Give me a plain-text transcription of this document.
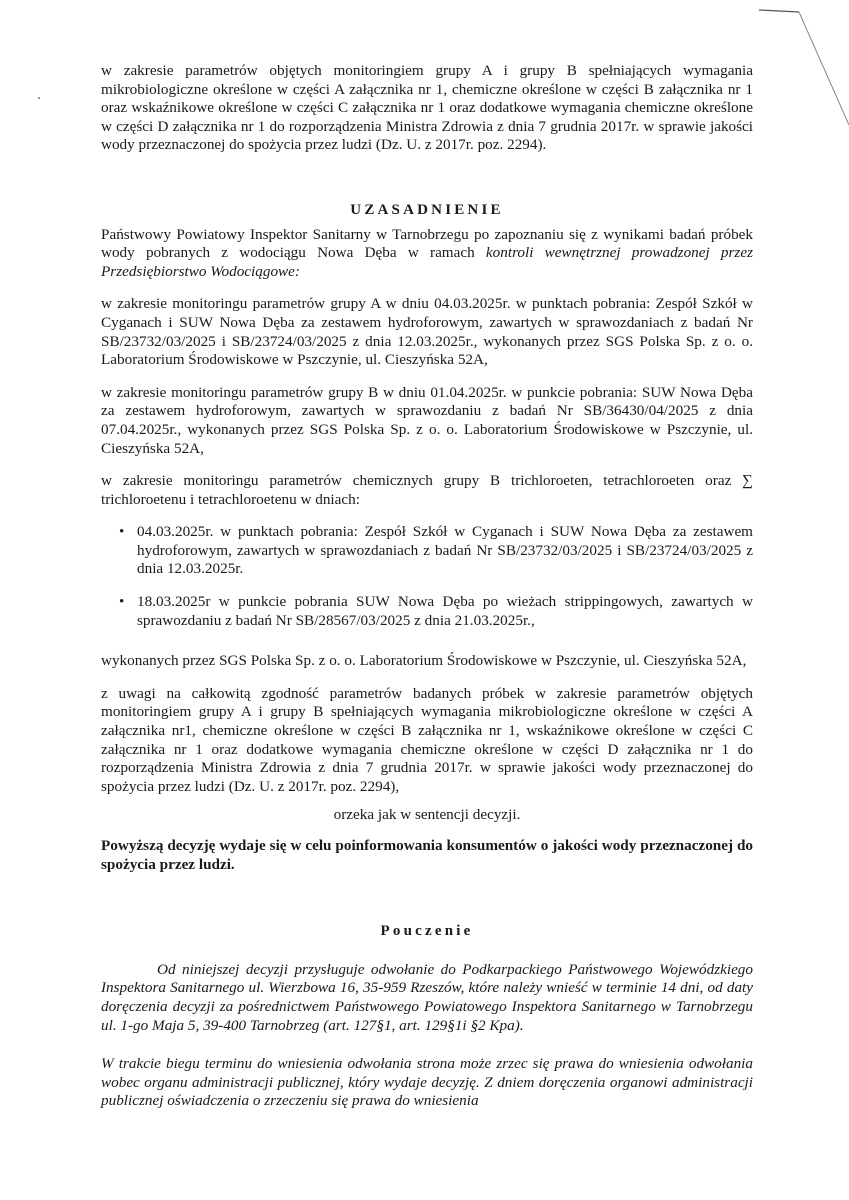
w zakresie parametrów objętych monitoringiem grupy A i grupy B spełniających wymagania mikrobiologiczne określone w części A załącznika nr 1, chemiczne określone w części B załącznika nr 1 oraz wskaźnikowe określone w części C załącznika nr 1 oraz dodatkowe wymagania chemiczne określone w części D załącznika nr 1 do rozporządzenia Ministra Zdrowia z dnia 7 grudnia 2017r. w sprawie jakości wody przeznaczonej do spożycia przez ludzi (Dz. U. z 2017r. poz. 2294).

UZASADNIENIE

Państwowy Powiatowy Inspektor Sanitarny w Tarnobrzegu po zapoznaniu się z wynikami badań próbek wody pobranych z wodociągu Nowa Dęba w ramach kontroli wewnętrznej prowadzonej przez Przedsiębiorstwo Wodociągowe:

w zakresie monitoringu parametrów grupy A w dniu 04.03.2025r. w punktach pobrania: Zespół Szkół w Cyganach i SUW Nowa Dęba za zestawem hydroforowym, zawartych w sprawozdaniach z badań Nr SB/23732/03/2025 i SB/23724/03/2025 z dnia 12.03.2025r., wykonanych przez SGS Polska Sp. z o. o. Laboratorium Środowiskowe w Pszczynie, ul. Cieszyńska 52A,

w zakresie monitoringu parametrów grupy B w dniu 01.04.2025r. w punkcie pobrania: SUW Nowa Dęba za zestawem hydroforowym, zawartych w sprawozdaniu z badań Nr SB/36430/04/2025 z dnia 07.04.2025r., wykonanych przez SGS Polska Sp. z o. o. Laboratorium Środowiskowe w Pszczynie, ul. Cieszyńska 52A,

w zakresie monitoringu parametrów chemicznych grupy B trichloroeten, tetrachloroeten oraz ∑ trichloroetenu i tetrachloroetenu w dniach:

• 04.03.2025r. w punktach pobrania: Zespół Szkół w Cyganach i SUW Nowa Dęba za zestawem hydroforowym, zawartych w sprawozdaniach z badań Nr SB/23732/03/2025 i SB/23724/03/2025 z dnia 12.03.2025r.
• 18.03.2025r w punkcie pobrania SUW Nowa Dęba po wieżach strippingowych, zawartych w sprawozdaniu z badań Nr SB/28567/03/2025 z dnia 21.03.2025r.,

wykonanych przez SGS Polska Sp. z o. o. Laboratorium Środowiskowe w Pszczynie, ul. Cieszyńska 52A,

z uwagi na całkowitą zgodność parametrów badanych próbek w zakresie parametrów objętych monitoringiem grupy A i grupy B spełniających wymagania mikrobiologiczne określone w części A załącznika nr1, chemiczne określone w części B załącznika nr 1, wskaźnikowe określone w części C załącznika nr 1 oraz dodatkowe wymagania chemiczne określone w części D załącznika nr 1 do rozporządzenia Ministra Zdrowia z dnia 7 grudnia 2017r. w sprawie jakości wody przeznaczonej do spożycia przez ludzi (Dz. U. z 2017r. poz. 2294),

orzeka jak w sentencji decyzji.

Powyższą decyzję wydaje się w celu poinformowania konsumentów o jakości wody przeznaczonej do spożycia przez ludzi.

Pouczenie

Od niniejszej decyzji przysługuje odwołanie do Podkarpackiego Państwowego Wojewódzkiego Inspektora Sanitarnego ul. Wierzbowa 16, 35-959 Rzeszów, które należy wnieść w terminie 14 dni, od daty doręczenia decyzji za pośrednictwem Państwowego Powiatowego Inspektora Sanitarnego w Tarnobrzegu ul. 1-go Maja 5, 39-400 Tarnobrzeg (art. 127§1, art. 129§1i §2 Kpa).

W trakcie biegu terminu do wniesienia odwołania strona może zrzec się prawa do wniesienia odwołania wobec organu administracji publicznej, który wydaje decyzję. Z dniem doręczenia organowi administracji publicznej oświadczenia o zrzeczeniu się prawa do wniesienia
